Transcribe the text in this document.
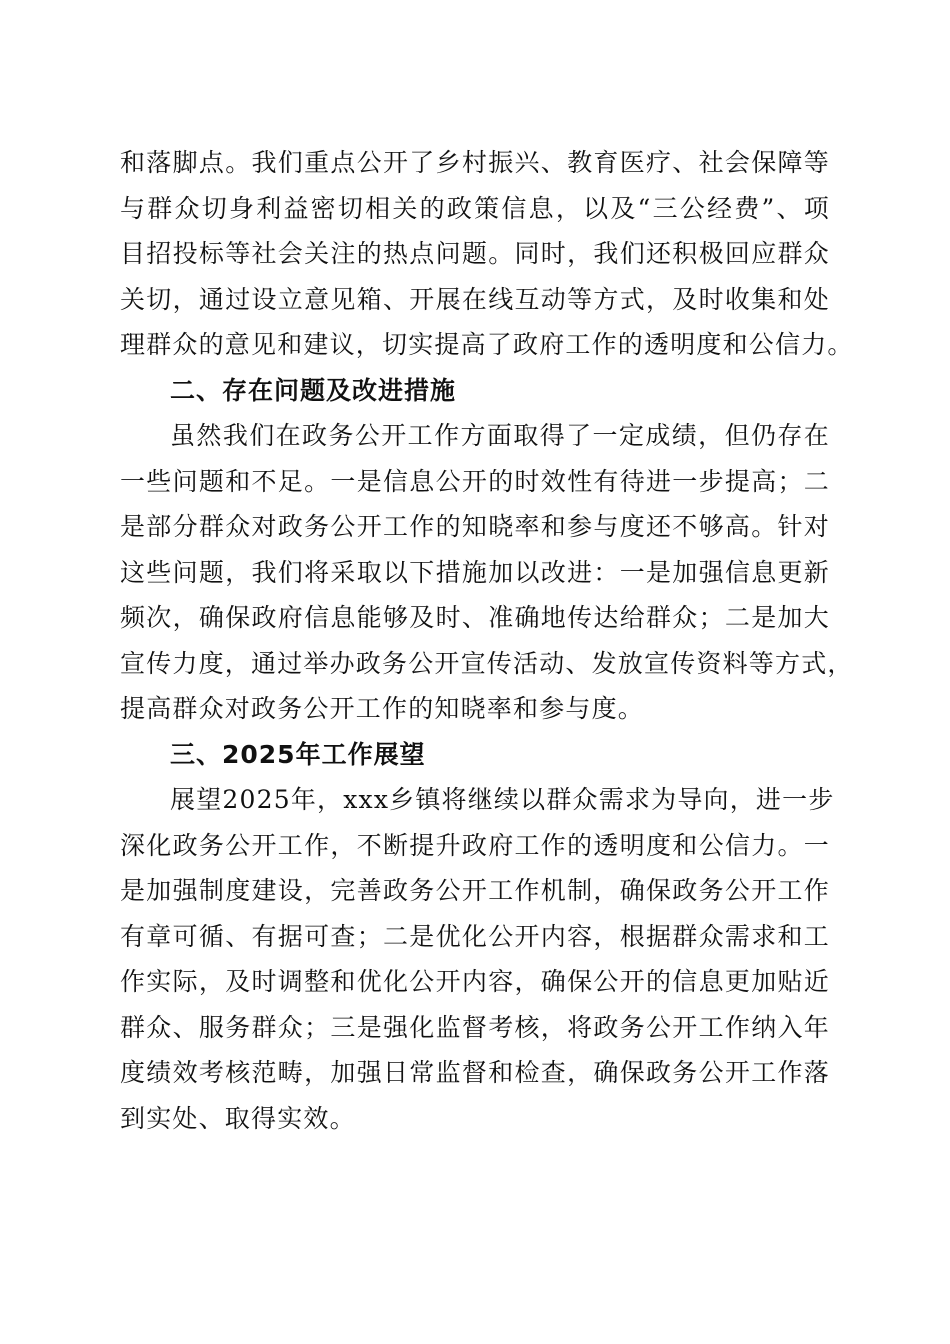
和落脚点。我们重点公开了乡村振兴、教育医疗、社会保障等
与群众切身利益密切相关的政策信息，以及“三公经费”、项
目招投标等社会关注的热点问题。同时，我们还积极回应群众
关切，通过设立意见箱、开展在线互动等方式，及时收集和处
理群众的意见和建议，切实提高了政府工作的透明度和公信力。
二、存在问题及改进措施
虽然我们在政务公开工作方面取得了一定成绩，但仍存在
一些问题和不足。一是信息公开的时效性有待进一步提高；二
是部分群众对政务公开工作的知晓率和参与度还不够高。针对
这些问题，我们将采取以下措施加以改进：一是加强信息更新
频次，确保政府信息能够及时、准确地传达给群众；二是加大
宣传力度，通过举办政务公开宣传活动、发放宣传资料等方式，
提高群众对政务公开工作的知晓率和参与度。
三、2025年工作展望
展望2025年，xxx乡镇将继续以群众需求为导向，进一步
深化政务公开工作，不断提升政府工作的透明度和公信力。一
是加强制度建设，完善政务公开工作机制，确保政务公开工作
有章可循、有据可查；二是优化公开内容，根据群众需求和工
作实际，及时调整和优化公开内容，确保公开的信息更加贴近
群众、服务群众；三是强化监督考核，将政务公开工作纳入年
度绩效考核范畴，加强日常监督和检查，确保政务公开工作落
到实处、取得实效。
